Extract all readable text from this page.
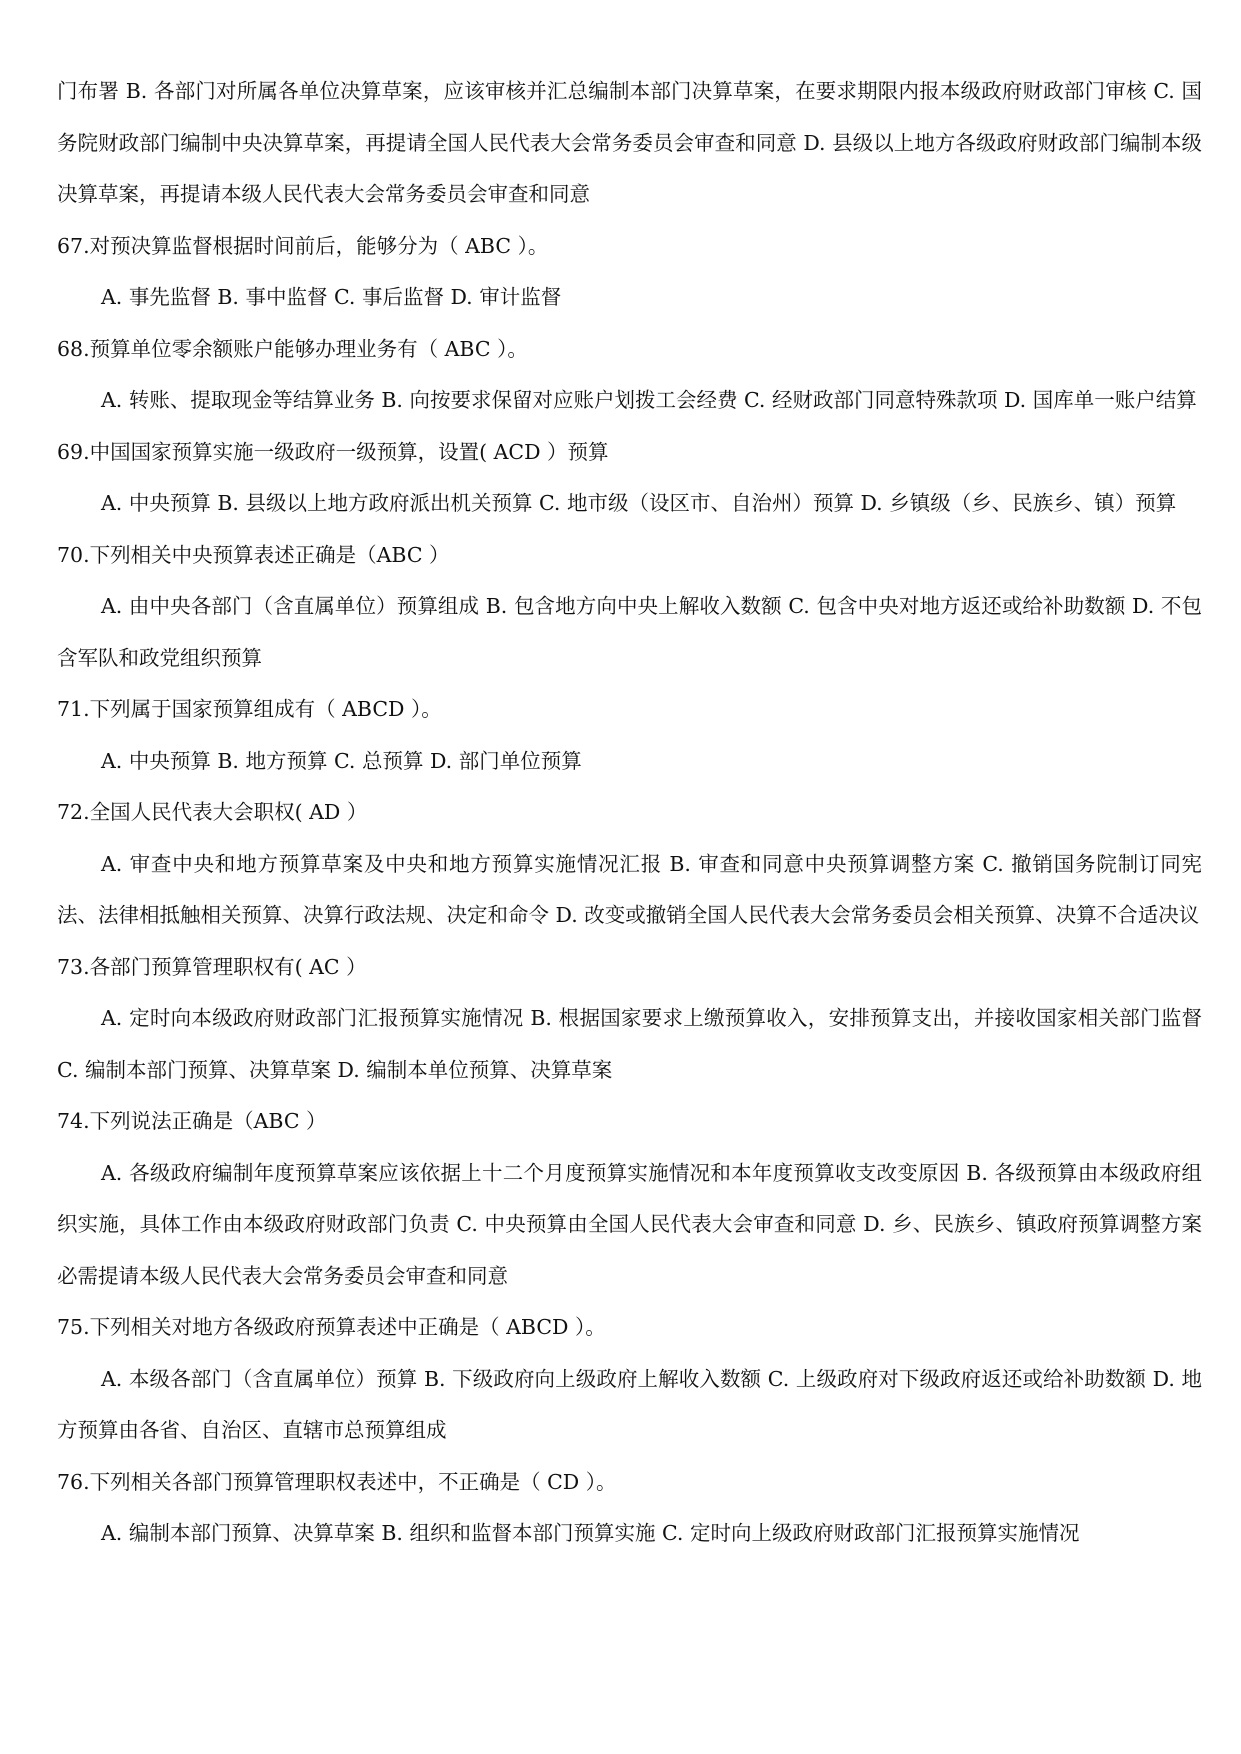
门布署 B. 各部门对所属各单位决算草案，应该审核并汇总编制本部门决算草案，在要求期限内报本级政府财政部门审核 C. 国务院财政部门编制中央决算草案，再提请全国人民代表大会常务委员会审查和同意 D. 县级以上地方各级政府财政部门编制本级决算草案，再提请本级人民代表大会常务委员会审查和同意

67.对预决算监督根据时间前后，能够分为（ ABC ）。

A. 事先监督 B. 事中监督 C. 事后监督 D. 审计监督

68.预算单位零余额账户能够办理业务有（ ABC ）。

A. 转账、提取现金等结算业务 B. 向按要求保留对应账户划拨工会经费 C. 经财政部门同意特殊款项 D. 国库单一账户结算

69.中国国家预算实施一级政府一级预算，设置( ACD ）预算

A. 中央预算 B. 县级以上地方政府派出机关预算 C. 地市级（设区市、自治州）预算 D. 乡镇级（乡、民族乡、镇）预算

70.下列相关中央预算表述正确是（ABC ）

A. 由中央各部门（含直属单位）预算组成 B. 包含地方向中央上解收入数额 C. 包含中央对地方返还或给补助数额 D. 不包含军队和政党组织预算

71.下列属于国家预算组成有（ ABCD ）。

A. 中央预算 B. 地方预算 C. 总预算 D. 部门单位预算

72.全国人民代表大会职权( AD ）

A. 审查中央和地方预算草案及中央和地方预算实施情况汇报 B. 审查和同意中央预算调整方案 C. 撤销国务院制订同宪法、法律相抵触相关预算、决算行政法规、决定和命令 D. 改变或撤销全国人民代表大会常务委员会相关预算、决算不合适决议

73.各部门预算管理职权有( AC ）

A. 定时向本级政府财政部门汇报预算实施情况 B. 根据国家要求上缴预算收入，安排预算支出，并接收国家相关部门监督 C. 编制本部门预算、决算草案 D. 编制本单位预算、决算草案

74.下列说法正确是（ABC ）

A. 各级政府编制年度预算草案应该依据上十二个月度预算实施情况和本年度预算收支改变原因 B. 各级预算由本级政府组织实施，具体工作由本级政府财政部门负责 C. 中央预算由全国人民代表大会审查和同意 D. 乡、民族乡、镇政府预算调整方案必需提请本级人民代表大会常务委员会审查和同意

75.下列相关对地方各级政府预算表述中正确是（ ABCD ）。

A. 本级各部门（含直属单位）预算 B. 下级政府向上级政府上解收入数额 C. 上级政府对下级政府返还或给补助数额 D. 地方预算由各省、自治区、直辖市总预算组成

76.下列相关各部门预算管理职权表述中，不正确是（ CD ）。

A. 编制本部门预算、决算草案 B. 组织和监督本部门预算实施 C. 定时向上级政府财政部门汇报预算实施情况
